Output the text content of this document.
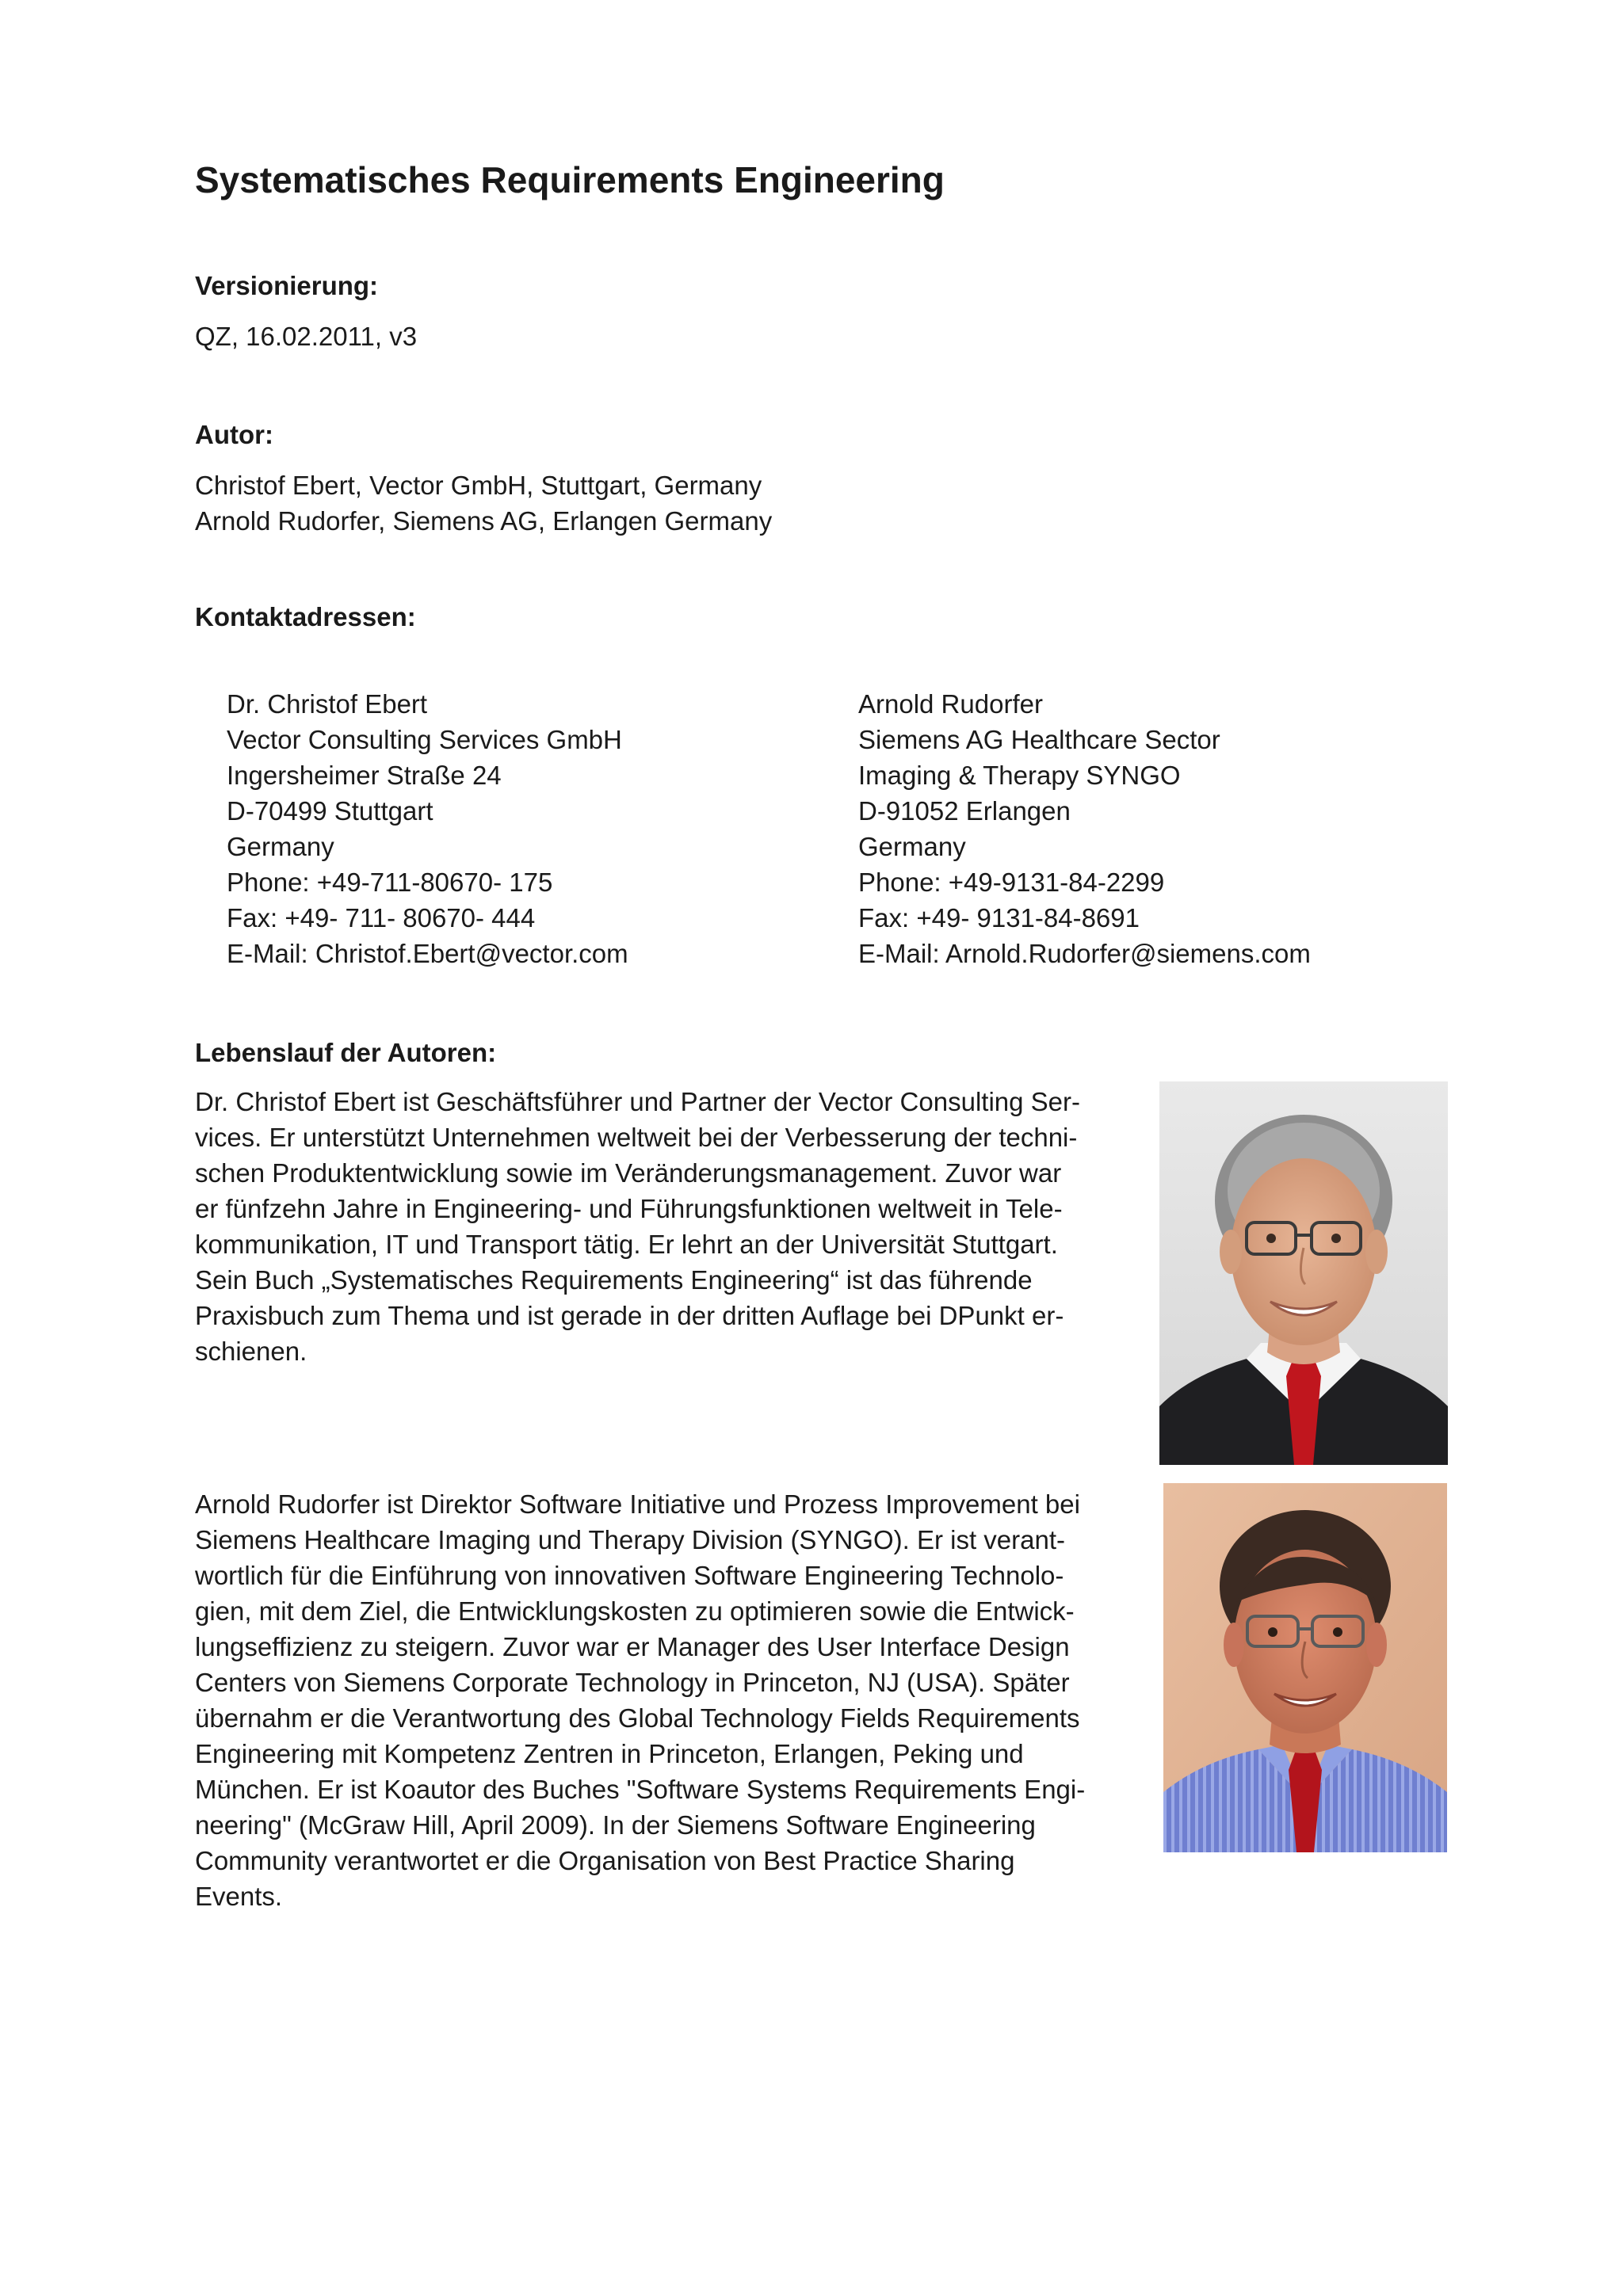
Systematisches Requirements Engineering
Versionierung:
QZ, 16.02.2011, v3
Autor:
Christof Ebert, Vector GmbH, Stuttgart, Germany
Arnold Rudorfer, Siemens AG, Erlangen Germany
Kontaktadressen:
Dr. Christof Ebert
Vector Consulting Services GmbH
Ingersheimer Straße 24
D-70499 Stuttgart
Germany
Phone: +49-711-80670- 175
Fax: +49- 711- 80670- 444
E-Mail: Christof.Ebert@vector.com
Arnold Rudorfer
Siemens AG Healthcare Sector
Imaging & Therapy SYNGO
D-91052 Erlangen
Germany
Phone: +49-9131-84-2299
Fax: +49- 9131-84-8691
E-Mail: Arnold.Rudorfer@siemens.com
Lebenslauf der Autoren:
Dr. Christof Ebert ist Geschäftsführer und Partner der Vector Consulting Ser-
vices. Er unterstützt Unternehmen weltweit bei der Verbesserung der techni-
schen Produktentwicklung sowie im Veränderungsmanagement. Zuvor war
er fünfzehn Jahre in Engineering- und Führungsfunktionen weltweit in Tele-
kommunikation, IT und Transport tätig. Er lehrt an der Universität Stuttgart.
Sein Buch „Systematisches Requirements Engineering“ ist das führende
Praxisbuch zum Thema und ist gerade in der dritten Auflage bei DPunkt er-
schienen.
Arnold Rudorfer ist Direktor Software Initiative und Prozess Improvement bei
Siemens Healthcare Imaging und Therapy Division (SYNGO). Er ist verant-
wortlich für die Einführung von innovativen Software Engineering Technolo-
gien, mit dem Ziel, die Entwicklungskosten zu optimieren sowie die Entwick-
lungseffizienz zu steigern. Zuvor war er Manager des User Interface Design
Centers von Siemens Corporate Technology in Princeton, NJ (USA). Später
übernahm er die Verantwortung des Global Technology Fields Requirements
Engineering mit Kompetenz Zentren in Princeton, Erlangen, Peking und
München. Er ist Koautor des Buches "Software Systems Requirements Engi-
neering" (McGraw Hill, April 2009). In der Siemens Software Engineering
Community verantwortet er die Organisation von Best Practice Sharing
Events.
